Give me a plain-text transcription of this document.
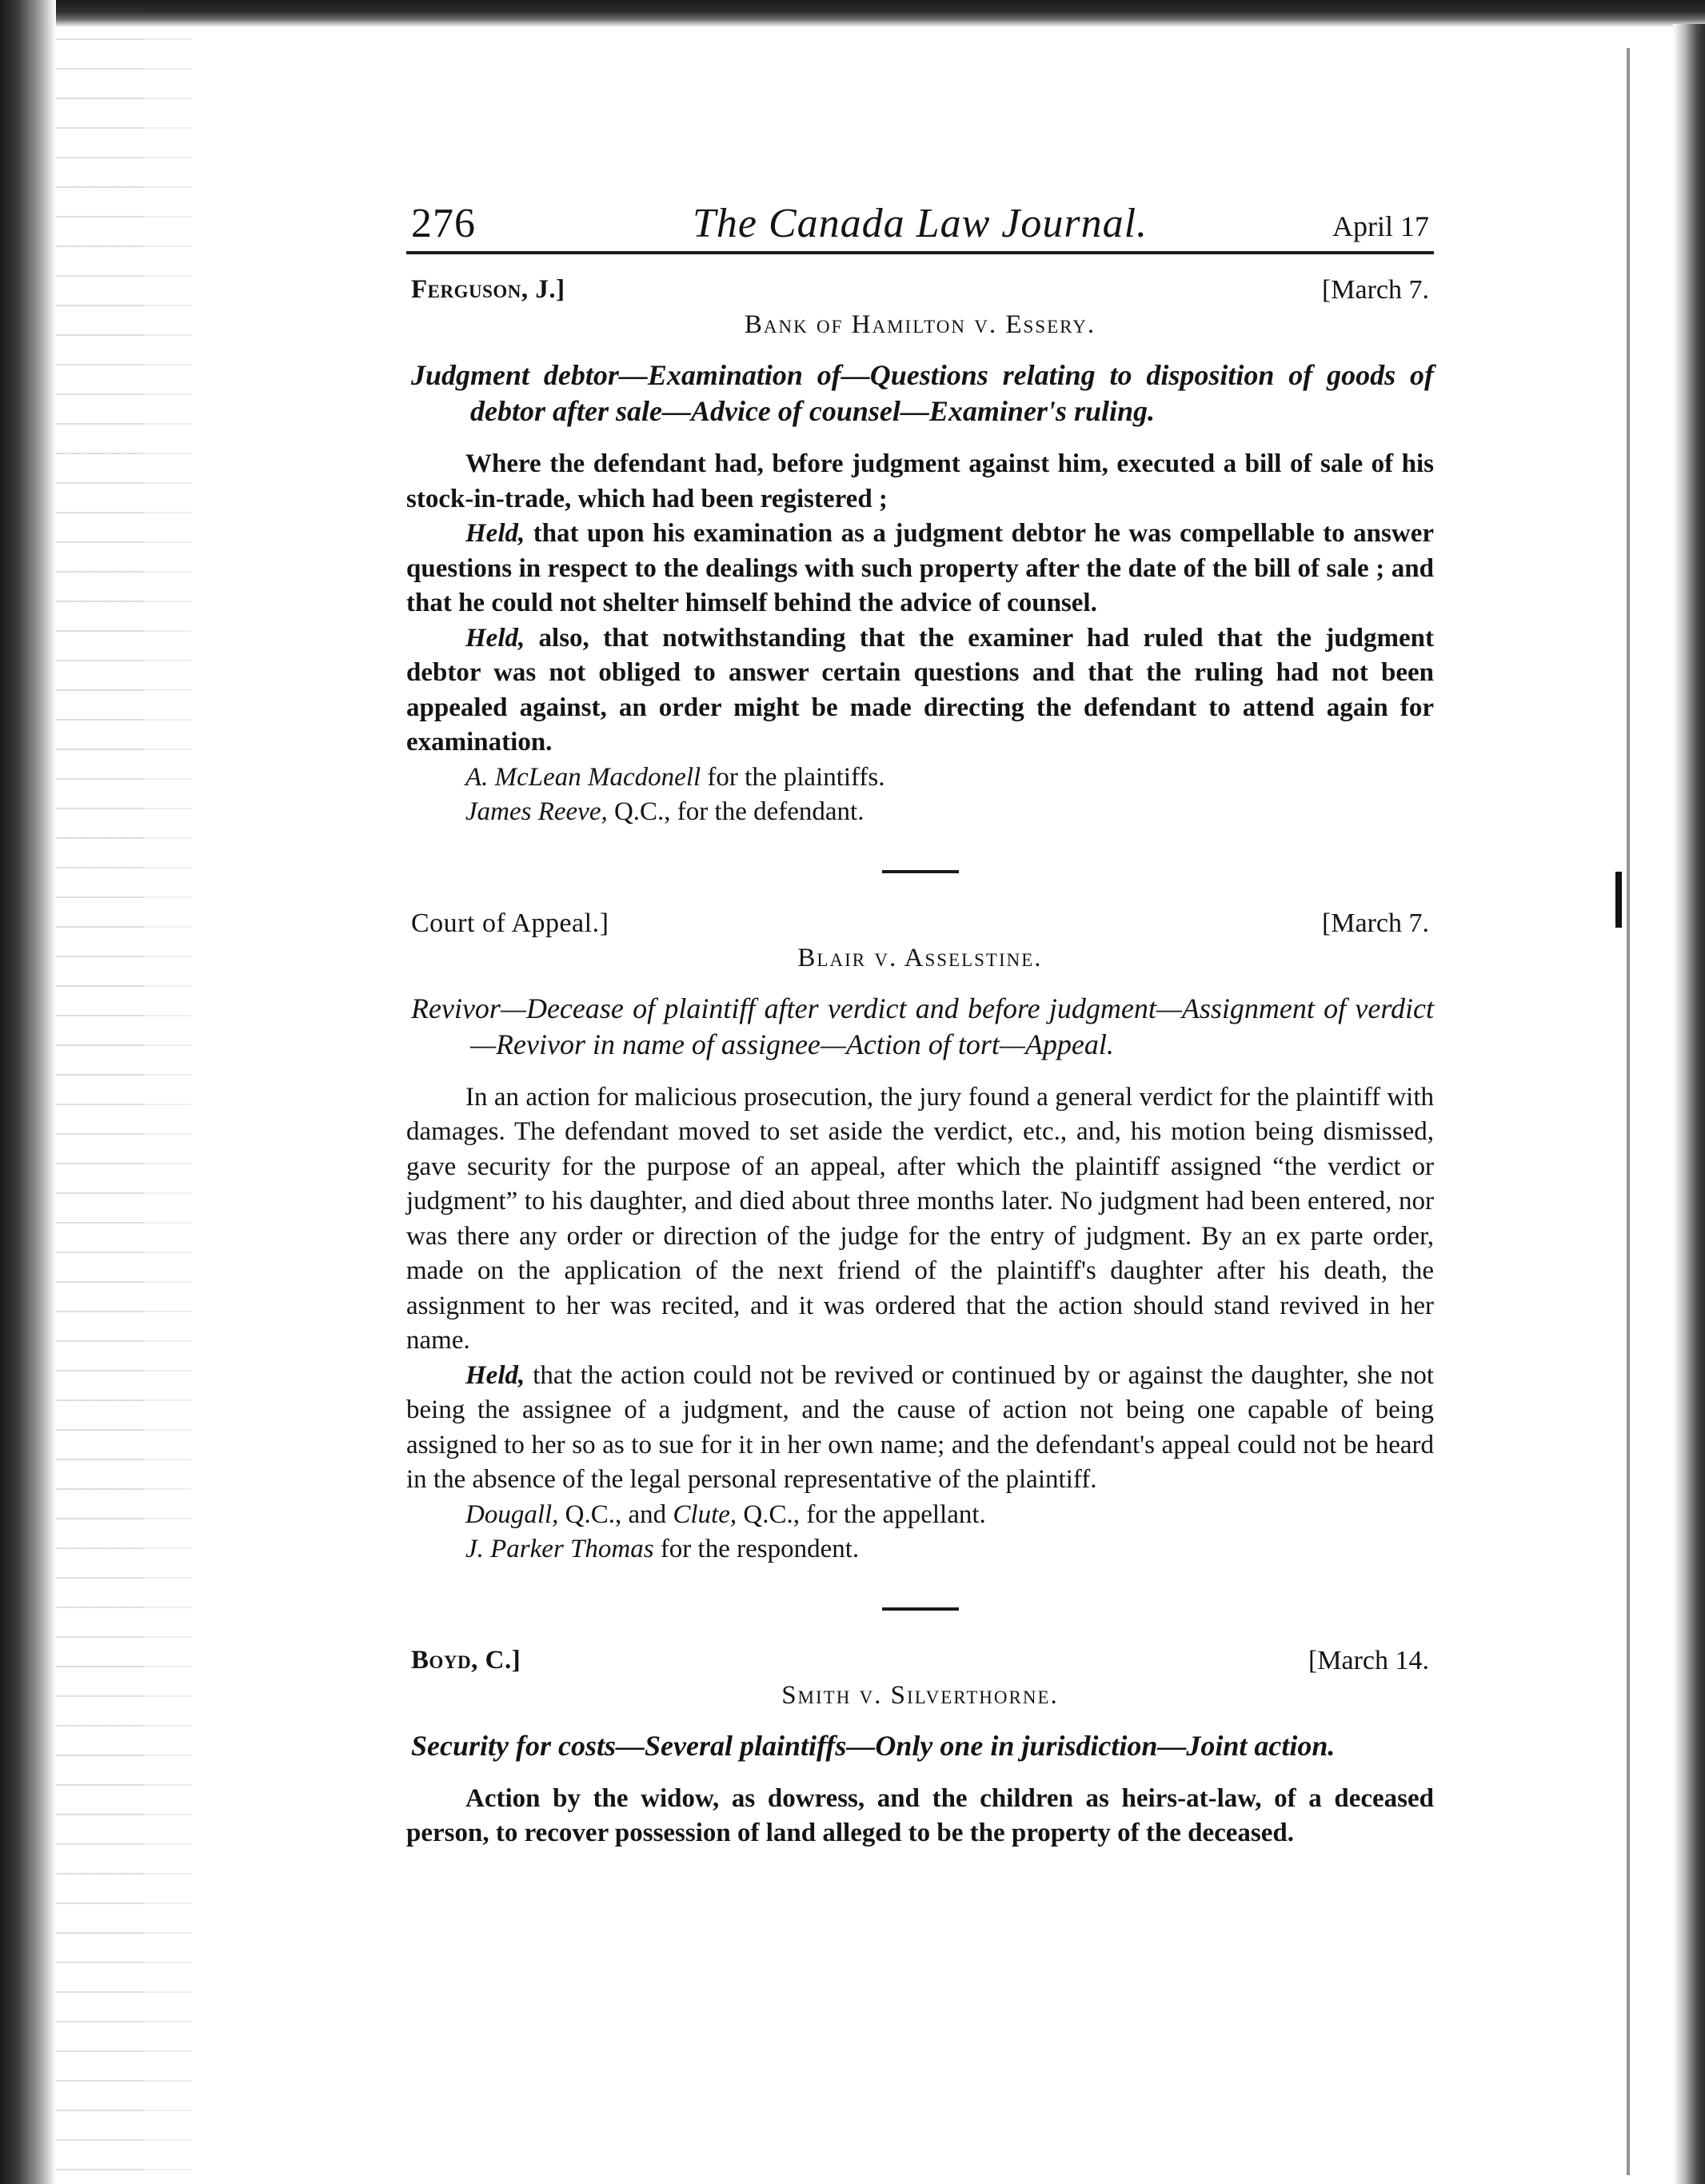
276	The Canada Law Journal.	April 17
Ferguson, J.]	[March 7.
Bank of Hamilton v. Essery.

Judgment debtor—Examination of—Questions relating to disposition of goods of debtor after sale—Advice of counsel—Examiner's ruling.

Where the defendant had, before judgment against him, executed a bill of sale of his stock-in-trade, which had been registered ;

Held, that upon his examination as a judgment debtor he was compellable to answer questions in respect to the dealings with such property after the date of the bill of sale ; and that he could not shelter himself behind the advice of counsel.

Held, also, that notwithstanding that the examiner had ruled that the judgment debtor was not obliged to answer certain questions and that the ruling had not been appealed against, an order might be made directing the defendant to attend again for examination.

A. McLean Macdonell for the plaintiffs.

James Reeve, Q.C., for the defendant.

Court of Appeal.]	[March 7.
Blair v. Asselstine.

Revivor—Decease of plaintiff after verdict and before judgment—Assignment of verdict—Revivor in name of assignee—Action of tort—Appeal.

In an action for malicious prosecution, the jury found a general verdict for the plaintiff with damages. The defendant moved to set aside the verdict, etc., and, his motion being dismissed, gave security for the purpose of an appeal, after which the plaintiff assigned “the verdict or judgment” to his daughter, and died about three months later. No judgment had been entered, nor was there any order or direction of the judge for the entry of judgment. By an ex parte order, made on the application of the next friend of the plaintiff's daughter after his death, the assignment to her was recited, and it was ordered that the action should stand revived in her name.

Held, that the action could not be revived or continued by or against the daughter, she not being the assignee of a judgment, and the cause of action not being one capable of being assigned to her so as to sue for it in her own name; and the defendant's appeal could not be heard in the absence of the legal personal representative of the plaintiff.

Dougall, Q.C., and Clute, Q.C., for the appellant.

J. Parker Thomas for the respondent.

Boyd, C.]	[March 14.
Smith v. Silverthorne.

Security for costs—Several plaintiffs—Only one in jurisdiction—Joint action.

Action by the widow, as dowress, and the children as heirs-at-law, of a deceased person, to recover possession of land alleged to be the property of the deceased.
